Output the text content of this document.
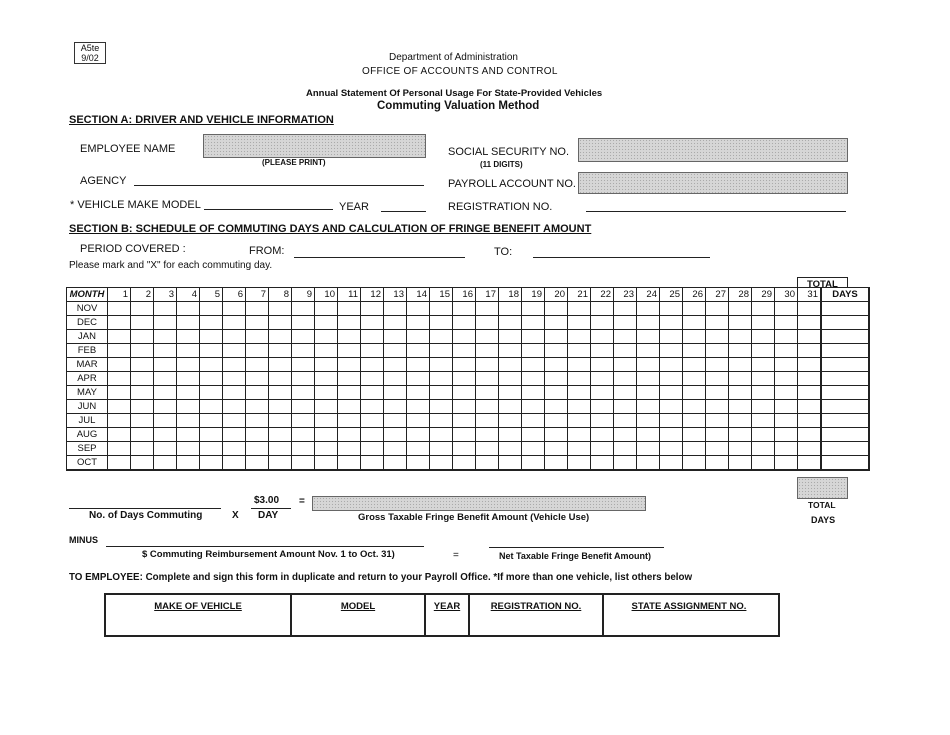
A5te
9/02	Department of Administration
OFFICE OF ACCOUNTS AND CONTROL
Annual Statement Of Personal Usage For State-Provided Vehicles
Commuting Valuation Method
SECTION A: DRIVER AND VEHICLE INFORMATION
EMPLOYEE NAME
(PLEASE PRINT)
SOCIAL SECURITY NO.
(11 DIGITS)
AGENCY	PAYROLL ACCOUNT NO.
* VEHICLE MAKE MODEL	YEAR	REGISTRATION NO.
SECTION B: SCHEDULE OF COMMUTING DAYS AND CALCULATION OF FRINGE BENEFIT AMOUNT
PERIOD COVERED :	FROM:	TO:
Please mark and "X" for each commuting day.
TOTAL
MONTH	1	2	3	4	5	6	7	8	9	10	11	12	13	14	15	16	17	18	19	20	21	22	23	24	25	26	27	28	29	30	31	DAYS
NOV																																
DEC																																
JAN																																
FEB																																
MAR																																
APR																																
MAY																																
JUN																																
JUL																																
AUG																																
SEP																																
OCT																																
No. of Days Commuting	X
$3.00
DAY
=
Gross Taxable Fringe Benefit Amount (Vehicle Use)
TOTAL
DAYS
MINUS
$ Commuting Reimbursement Amount Nov. 1 to Oct. 31)	=	Net Taxable Fringe Benefit Amount)
TO EMPLOYEE: Complete and sign this form in duplicate and return to your Payroll Office. *If more than one vehicle, list others below
MAKE OF VEHICLE	MODEL	YEAR	REGISTRATION NO.	STATE ASSIGNMENT NO.
